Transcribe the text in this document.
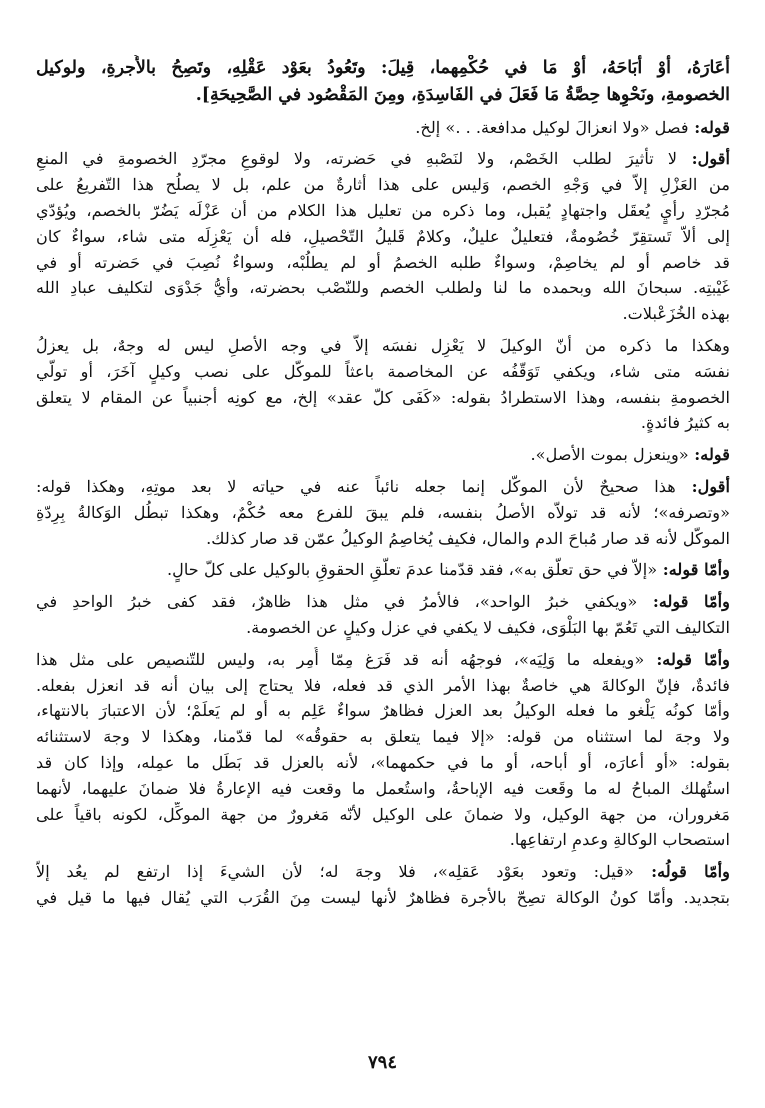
أعَارَهُ، أوْ أبَاحَهُ، أوْ مَا في حُكْمِهما، قِيلَ: وتَعُودُ بعَوْد عَقْلِهِ، وتَصِحُ بالأُجرةِ، ولوكيل
الخصومةِ، ونَحْوِها حِصَّةُ مَا فَعَلَ في الفَاسِدَةِ، ومِنَ المَقْصُود في الصَّحِيحَةِ].
قوله: فصل «ولا انعزالَ لوكيل مدافعة. . .» إلخ.
أقول: لا تأثيرَ لطلب الخَصْم، ولا لنَصْبهِ في حَضرته، ولا لوقوعِ مجرّدِ الخصومةِ في المنعِ
من العَزْلِ إلاّ في وَجْهِ الخصم، وَليس على هذا أثارةٌ من علم، بل لا يصلُح هذا التّفريعُ على
مُجرّدِ رأيٍ يُعقَل واجتهادٍ يُقبل، وما ذكره من تعليل هذا الكلام من أن عَزْلَه يَضُرّ بالخصم، ويُؤدّي
إلى ألاّ تَستقِرّ خُصُومةٌ، فتعليلٌ عليلٌ، وكلامٌ قَليلُ التّحْصيلِ، فله أن يَعْزِلَه متى شاء، سواءٌ كان
قد خاصم أو لم يخاصِمْ، وسواءٌ طلبه الخصمُ أو لم يطلُبْه، وسواءٌ نُصِبَ في حَضرته أو في
غَيْبتِه. سبحانَ الله وبحمده ما لنا ولطلب الخصم وللنّصْب بحضرته، وأيُّ جَدْوَى لتكليف عبادِ الله
بهذه الخُزَعْبلات.
وهكذا ما ذكره من أنّ الوكيلَ لا يَعْزِل نفسَه إلاّ في وجه الأصلِ ليس له وجهٌ، بل يعزلُ
نفسَه متى شاء، ويكفي تَوَقّفُه عن المخاصمة باعثاً للموكّل على نصب وكيلٍ آخَرَ، أو تولّي
الخصومةِ بنفسه، وهذا الاستطرادُ بقوله: «كَفَى كلّ عقد» إلخ، مع كونِه أجنبياً عن المقام لا يتعلق
به كثيرُ فائدةٍ.
قوله: «وينعزل بموت الأصل».
أقول: هذا صحيحٌ لأن الموكّل إنما جعله نائباً عنه في حياته لا بعد موتِهِ، وهكذا قوله:
«وتصرفه»؛ لأنه قد تولاّه الأصلُ بنفسه، فلم يبقَ للفرع معه حُكْمٌ، وهكذا تبطُل الوَكالةُ بِرِدّةِ
الموكّل لأنه قد صار مُباحَ الدم والمال، فكيف يُخاصِمُ الوكيلُ عمّن قد صار كذلك.
وأمّا قوله: «إلاّ في حق تعلّق به»، فقد قدّمنا عدمَ تعلّقِ الحقوقِ بالوكيل على كلّ حالٍ.
وأمّا قوله: «ويكفي خبرُ الواحد»، فالأمرُ في مثل هذا ظاهرٌ، فقد كفى خبرُ الواحدِ في
التكاليف التي تَعُمّ بها البَلْوَى، فكيف لا يكفي في عزل وكيلٍ عن الخصومة.
وأمّا قوله: «ويفعله ما وَلِيَه»، فوجهُه أنه قد فَرَغ مِمّا أُمِر به، وليس للتّنصيص على مثل هذا
فائدةٌ، فإنّ الوكالةَ هي خاصةٌ بهذا الأمر الذي قد فعله، فلا يحتاج إلى بيان أنه قد انعزل بفعله.
وأمّا كونُه يَلْغو ما فعله الوكيلُ بعد العزل فظاهرٌ سواءٌ عَلِم به أو لم يَعلَمْ؛ لأن الاعتبارَ بالانتهاء،
ولا وجهَ لما استثناه من قوله: «إلا فيما يتعلق به حقوقُه» لما قدّمنا، وهكذا لا وجهَ لاستثنائه
بقوله: «أو أعارَه، أو أباحه، أو ما في حكمهما»، لأنه بالعزل قد بَطَل ما عمِله، وإذا كان قد
استُهلك المباحُ له ما وقَعت فيه الإباحةُ، واستُعمل ما وقعت فيه الإعارةُ فلا ضمانَ عليهما، لأنهما
مَغروران، من جهة الوكيل، ولا ضمانَ على الوكيل لأنّه مَغرورٌ من جهة الموكِّل، لكونه باقياً على
استصحاب الوكالةِ وعدمِ ارتفاعِها.
وأمّا قولُه: «قيل: وتعود بعَوْد عَقلِه»، فلا وجهَ له؛ لأن الشيءَ إذا ارتفع لم يعُد إلاّ
بتجديد. وأمّا كونُ الوكالة تصِحّ بالأجرة فظاهرٌ لأنها ليست مِنَ القُرَب التي يُقال فيها ما قيل في
٧٩٤
